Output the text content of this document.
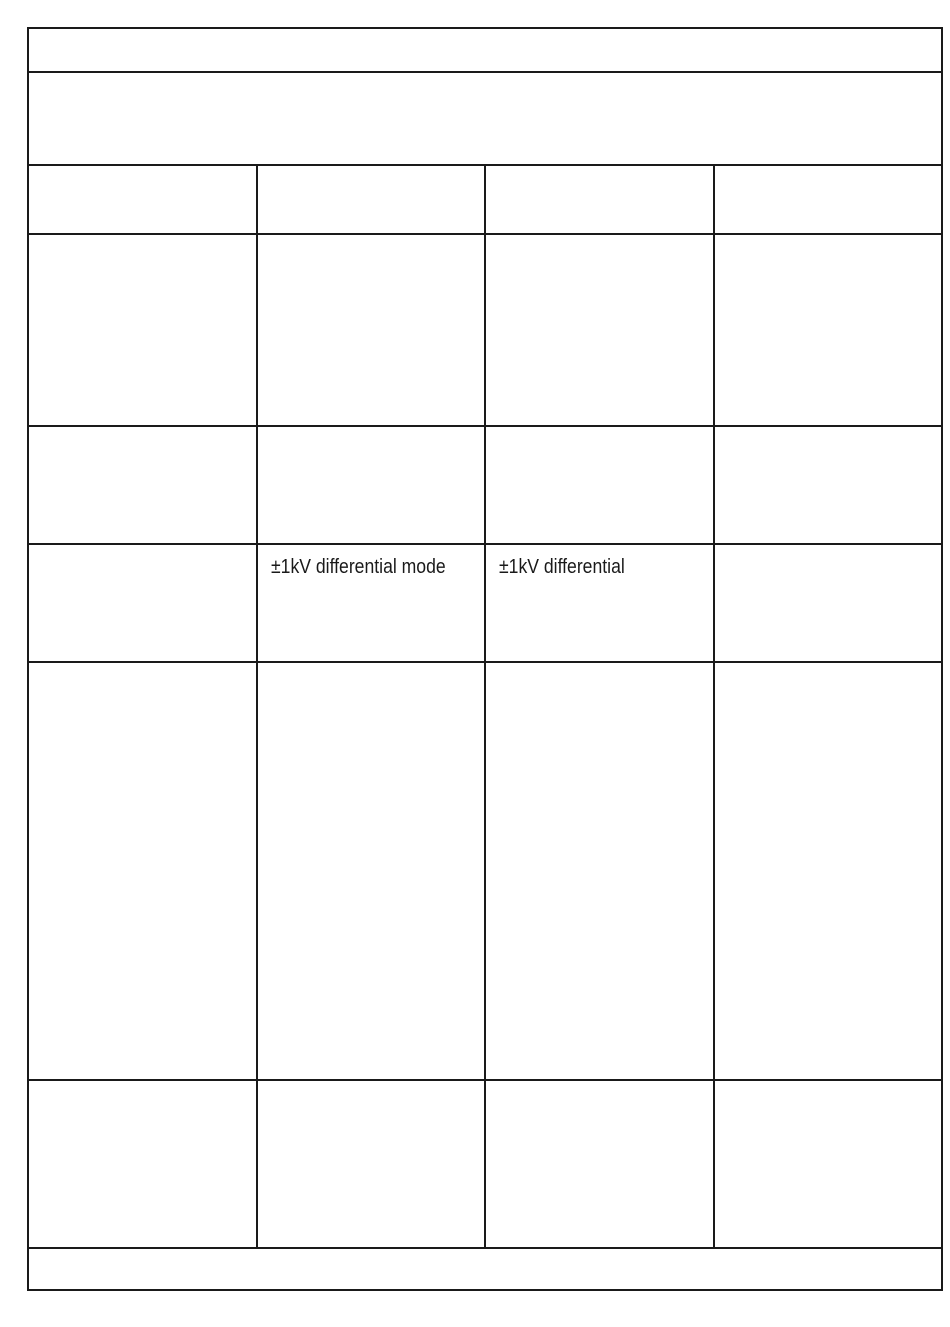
±1kV differential mode	±1kV differential
